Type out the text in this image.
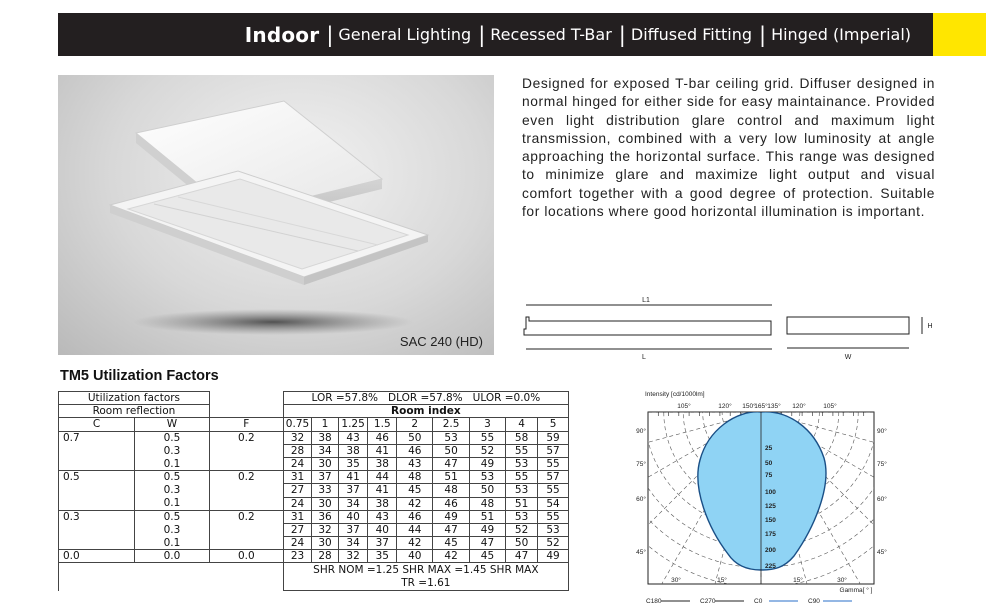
Indoor | General Lighting | Recessed T-Bar | Diffused Fitting | Hinged (Imperial)
SAC 240 (HD)
Designed for exposed T-bar ceiling grid. Diffuser designed in normal hinged for either side for easy maintainance. Provided even light distribution glare control and maximum light transmission, combined with a very low luminosity at angle approaching the horizontal surface. This range was designed to minimize glare and maximize light output and visual comfort together with a good degree of protection. Suitable for locations where good horizontal illumination is important.
L1
L	W
H
TM5 Utilization Factors
Utilization factors			LOR =57.8% DLOR =57.8% ULOR =0.0%								
Room reflection			Room index								
C	W	F	0.75	1	1.25	1.5	2	2.5	3	4	5
0.7	0.5	0.2	32	38	43	46	50	53	55	58	59
	0.3		28	34	38	41	46	50	52	55	57
	0.1		24	30	35	38	43	47	49	53	55
0.5	0.5	0.2	31	37	41	44	48	51	53	55	57
	0.3		27	33	37	41	45	48	50	53	55
	0.1		24	30	34	38	42	46	48	51	54
0.3	0.5	0.2	31	36	40	43	46	49	51	53	55
	0.3		27	32	37	40	44	47	49	52	53
	0.1		24	30	34	37	42	45	47	50	52
0.0	0.0	0.0	23	28	32	35	40	42	45	47	49

			SHR NOM =1.25 SHR MAX =1.45 SHR MAX
TR =1.61								
Intensity [cd/1000lm]
105°	120° 150°
165° 135° 120°	105°
90°	90°
75°	75°
60°	60°
45°	45°
25
50
75
100
125
150
175
200
225
30°	15°	15°	30°
Gamma[ ° ]
C180	C270	C0	C90
